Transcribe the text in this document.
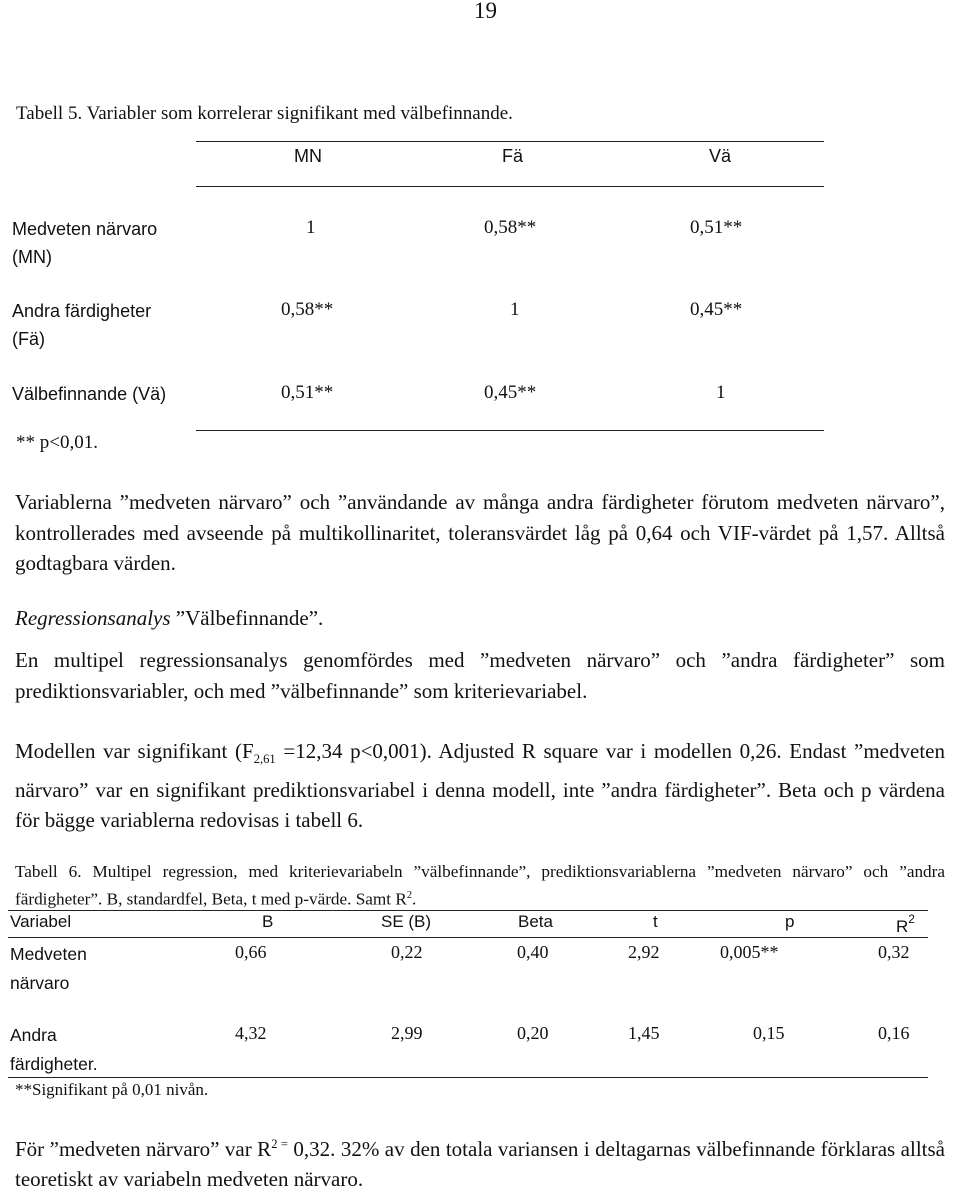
19
Tabell 5. Variabler som korrelerar signifikant med välbefinnande.
MN	Fä	Vä
Medveten närvaro
(MN)
1	0,58**	0,51**
Andra färdigheter
(Fä)
0,58**	1	0,45**
Välbefinnande (Vä)	0,51**	0,45**	1
** p<0,01.
Variablerna ”medveten närvaro” och ”användande av många andra färdigheter förutom medveten närvaro”, kontrollerades med avseende på multikollinaritet, toleransvärdet låg på 0,64 och VIF-värdet på 1,57. Alltså godtagbara värden.
Regressionsanalys ”Välbefinnande”.
En multipel regressionsanalys genomfördes med ”medveten närvaro” och ”andra färdigheter” som prediktionsvariabler, och med ”välbefinnande” som kriterievariabel.
Modellen var signifikant ($F_{2,61} =12,34$ p<0,001). Adjusted R square var i modellen 0,26. Endast ”medveten närvaro” var en signifikant prediktionsvariabel i denna modell, inte ”andra färdigheter”. Beta och p värdena för bägge variablerna redovisas i tabell 6.
Tabell 6. Multipel regression, med kriterievariabeln ”välbefinnande”, prediktionsvariablerna ”medveten närvaro” och ”andra färdigheter”. B, standardfel, Beta, t med p-värde. Samt $R^2$.
Variabel	B	SE (B)	Beta	t	p	$R^2$
Medveten
närvaro
0,66	0,22	0,40	2,92	0,005**	0,32
Andra
färdigheter.
4,32	2,99	0,20	1,45	0,15	0,16
**Signifikant på 0,01 nivån.
För ”medveten närvaro” var $R^{2 =}$ 0,32. 32% av den totala variansen i deltagarnas välbefinnande förklaras alltså teoretiskt av variabeln medveten närvaro.
